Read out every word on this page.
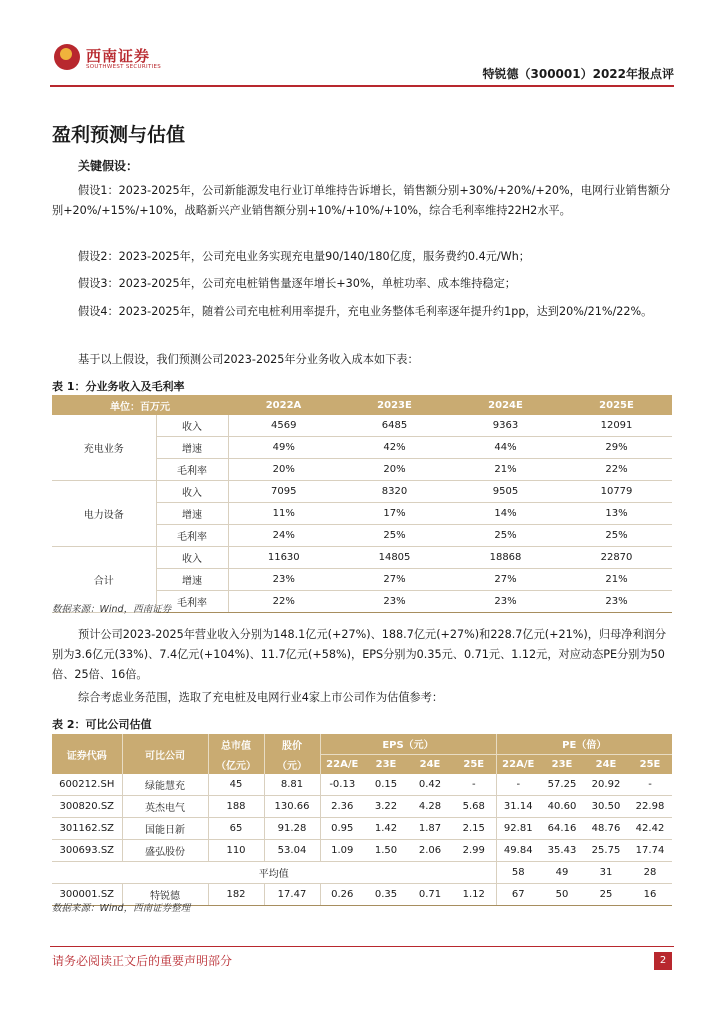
西南证券
SOUTHWEST SECURITIES	特锐德（300001）2022年报点评
盈利预测与估值
关键假设：
假设1：2023-2025年，公司新能源发电行业订单维持告诉增长，销售额分别+30%/+20%/+20%，电网行业销售额分别+20%/+15%/+10%，战略新兴产业销售额分别+10%/+10%/+10%，综合毛利率维持22H2水平。
假设2：2023-2025年，公司充电业务实现充电量90/140/180亿度，服务费约0.4元/Wh；
假设3：2023-2025年，公司充电桩销售量逐年增长+30%，单桩功率、成本维持稳定；
假设4：2023-2025年，随着公司充电桩利用率提升，充电业务整体毛利率逐年提升约1pp，达到20%/21%/22%。
基于以上假设，我们预测公司2023-2025年分业务收入成本如下表：
表 1：分业务收入及毛利率
单位：百万元		2022A	2023E	2024E	2025E
充电业务	收入	4569	6485	9363	12091
	增速	49%	42%	44%	29%
	毛利率	20%	20%	21%	22%
电力设备	收入	7095	8320	9505	10779
	增速	11%	17%	14%	13%
	毛利率	24%	25%	25%	25%
合计	收入	11630	14805	18868	22870
	增速	23%	27%	27%	21%
	毛利率	22%	23%	23%	23%
数据来源：Wind，西南证券
预计公司2023-2025年营业收入分别为148.1亿元(+27%)、188.7亿元(+27%)和228.7亿元(+21%)，归母净利润分别为3.6亿元(33%)、7.4亿元(+104%)、11.7亿元(+58%)，EPS分别为0.35元、0.71元、1.12元，对应动态PE分别为50倍、25倍、16倍。
综合考虑业务范围，选取了充电桩及电网行业4家上市公司作为估值参考：
表 2：可比公司估值
证券代码	可比公司	总市值	股价	EPS（元）				PE（倍）			
		（亿元）	（元）	22A/E	23E	24E	25E	22A/E	23E	24E	25E
600212.SH	绿能慧充	45	8.81	-0.13	0.15	0.42	-	-	57.25	20.92	-
300820.SZ	英杰电气	188	130.66	2.36	3.22	4.28	5.68	31.14	40.60	30.50	22.98
301162.SZ	国能日新	65	91.28	0.95	1.42	1.87	2.15	92.81	64.16	48.76	42.42
300693.SZ	盛弘股份	110	53.04	1.09	1.50	2.06	2.99	49.84	35.43	25.75	17.74
平均值								58	49	31	28
300001.SZ	特锐德	182	17.47	0.26	0.35	0.71	1.12	67	50	25	16
数据来源：Wind，西南证券整理
请务必阅读正文后的重要声明部分	2
